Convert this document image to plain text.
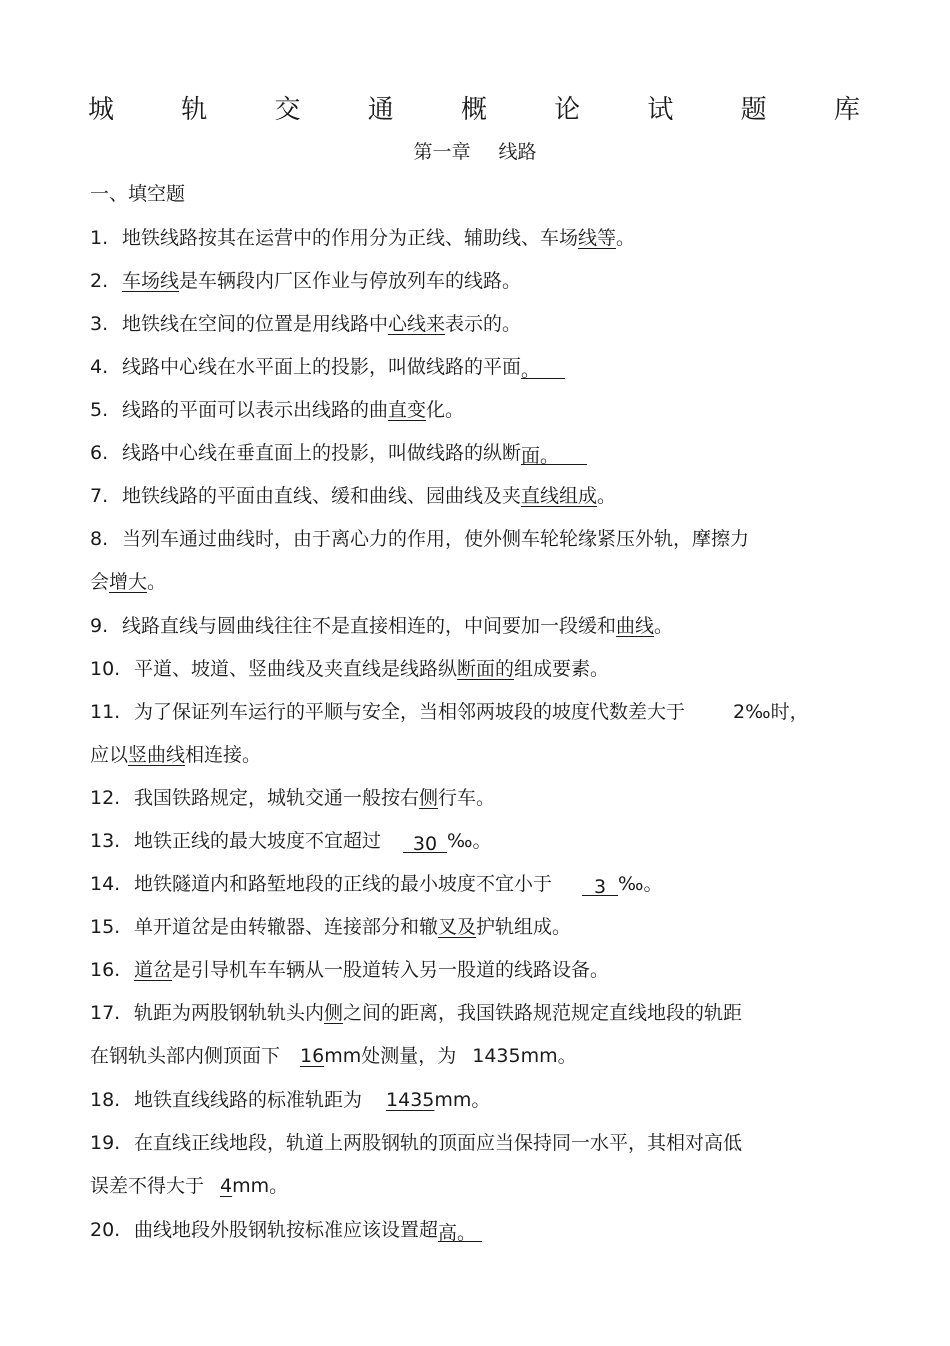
城	轨	交	通	概	论	试	题	库
第一章 线路
一、填空题
1. 地铁线路按其在运营中的作用分为正线、辅助线、车场线等。
2. 车场线是车辆段内厂区作业与停放列车的线路。
3. 地铁线在空间的位置是用线路中心线来表示的。
4. 线路中心线在水平面上的投影，叫做线路的平面。
5. 线路的平面可以表示出线路的曲直变化。
6. 线路中心线在垂直面上的投影，叫做线路的纵断面。
7. 地铁线路的平面由直线、缓和曲线、园曲线及夹直线组成。
8. 当列车通过曲线时，由于离心力的作用，使外侧车轮轮缘紧压外轨，摩擦力
会增大。
9. 线路直线与圆曲线往往不是直接相连的，中间要加一段缓和曲线。
10. 平道、坡道、竖曲线及夹直线是线路纵断面的组成要素。
11. 为了保证列车运行的平顺与安全，当相邻两坡段的坡度代数差大于	2‰时，
应以竖曲线相连接。
12. 我国铁路规定，城轨交通一般按右侧行车。
13. 地铁正线的最大坡度不宜超过 30 ‰。
14. 地铁隧道内和路堑地段的正线的最小坡度不宜小于 3 ‰。
15. 单开道岔是由转辙器、连接部分和辙叉及护轨组成。
16. 道岔是引导机车车辆从一股道转入另一股道的线路设备。
17. 轨距为两股钢轨轨头内侧之间的距离，我国铁路规范规定直线地段的轨距
在钢轨头部内侧顶面下 16mm处测量，为 1435mm。
18. 地铁直线线路的标准轨距为 1435mm。
19. 在直线正线地段，轨道上两股钢轨的顶面应当保持同一水平，其相对高低
误差不得大于 4mm。
20. 曲线地段外股钢轨按标准应该设置超高。
